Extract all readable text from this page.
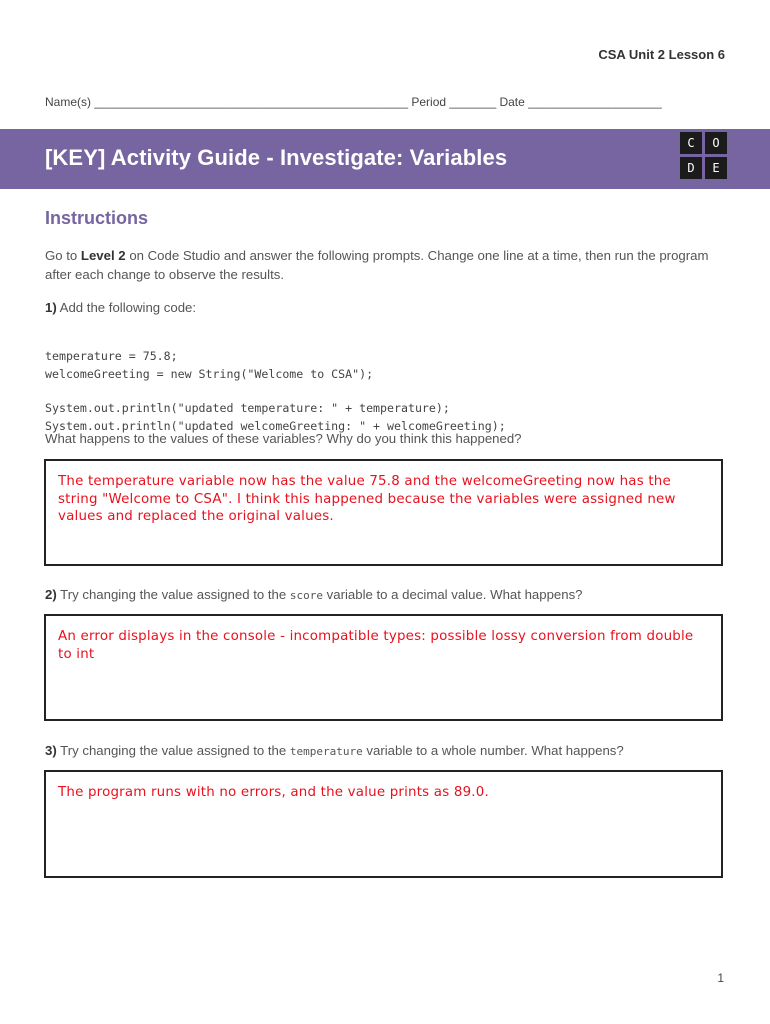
CSA Unit 2 Lesson 6
Name(s) _______________________________________________ Period _______ Date ____________________
[KEY] Activity Guide - Investigate: Variables
C	O
D	E
Instructions
Go to Level 2 on Code Studio and answer the following prompts. Change one line at a time, then run the program after each change to observe the results.
1) Add the following code:

temperature = 75.8;
welcomeGreeting = new String("Welcome to CSA");
System.out.println("updated temperature: " + temperature);
System.out.println("updated welcomeGreeting: " + welcomeGreeting);
What happens to the values of these variables? Why do you think this happened?
The temperature variable now has the value 75.8 and the welcomeGreeting now has the string "Welcome to CSA". I think this happened because the variables were assigned new values and replaced the original values.
2) Try changing the value assigned to the score variable to a decimal value. What happens?
An error displays in the console - incompatible types: possible lossy conversion from double to int
3) Try changing the value assigned to the temperature variable to a whole number. What happens?
The program runs with no errors, and the value prints as 89.0.
1
